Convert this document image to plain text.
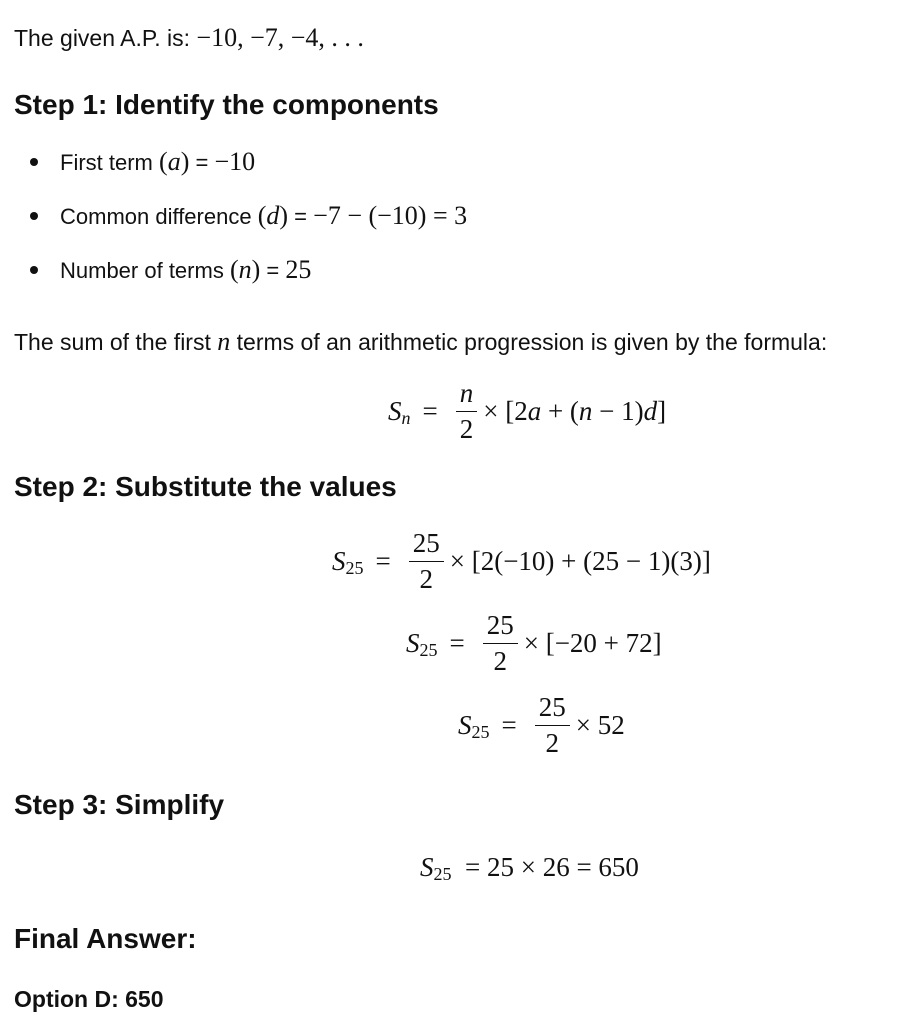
The given A.P. is: −10, −7, −4, . . .
Step 1: Identify the components
First term
( a )
=
−10
Common difference
( d )
=
−7 − (−10) = 3
Number of terms
( n )
=
25
The sum of the first n terms of an arithmetic progression is given by the formula:
S $n = \frac{n}{2} \times [2$ a
+ ( n
− 1) d ]
Step 2: Substitute the values
S $25 = \frac{25}{2} \times [2(-10) + (25 - 1)(3)]$
S $25 = \frac{25}{2} \times [-20 + 72]$
S $25 = \frac{25}{2} \times 52$
Step 3: Simplify
S 25
= 25 × 26 = 650
Final Answer:
Option D: 650
